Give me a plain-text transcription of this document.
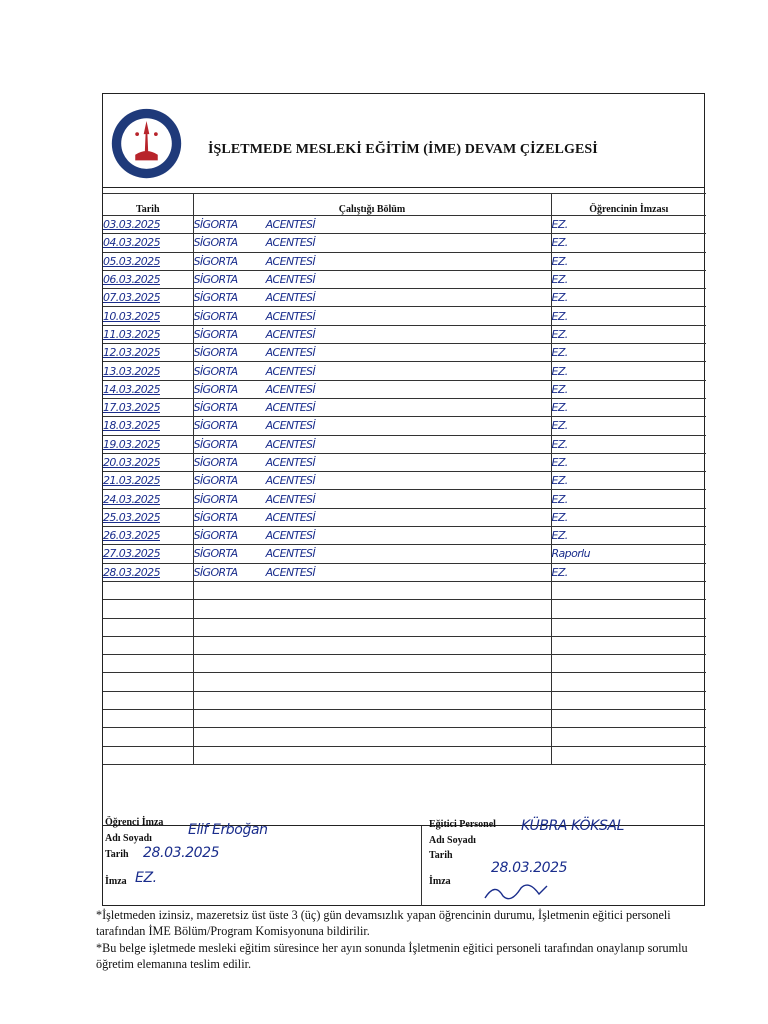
İŞLETMEDE MESLEKİ EĞİTİM (İME) DEVAM ÇİZELGESİ
Tarih	Çalıştığı Bölüm	Öğrencinin İmzası
03.03.2025	SİGORTA ACENTESİ	EZ.
04.03.2025	SİGORTA ACENTESİ	EZ.
05.03.2025	SİGORTA ACENTESİ	EZ.
06.03.2025	SİGORTA ACENTESİ	EZ.
07.03.2025	SİGORTA ACENTESİ	EZ.
10.03.2025	SİGORTA ACENTESİ	EZ.
11.03.2025	SİGORTA ACENTESİ	EZ.
12.03.2025	SİGORTA ACENTESİ	EZ.
13.03.2025	SİGORTA ACENTESİ	EZ.
14.03.2025	SİGORTA ACENTESİ	EZ.
17.03.2025	SİGORTA ACENTESİ	EZ.
18.03.2025	SİGORTA ACENTESİ	EZ.
19.03.2025	SİGORTA ACENTESİ	EZ.
20.03.2025	SİGORTA ACENTESİ	EZ.
21.03.2025	SİGORTA ACENTESİ	EZ.
24.03.2025	SİGORTA ACENTESİ	EZ.
25.03.2025	SİGORTA ACENTESİ	EZ.
26.03.2025	SİGORTA ACENTESİ	EZ.
27.03.2025	SİGORTA ACENTESİ	Raporlu
28.03.2025	SİGORTA ACENTESİ	EZ.

Öğrenci İmza
Adı Soyadı
Elif Erboğan
Tarih 28.03.2025
İmza EZ.
Eğitici Personel
Adı Soyadı
KÜBRA KÖKSAL
Tarih
28.03.2025
İmza

*İşletmeden izinsiz, mazeretsiz üst üste 3 (üç) gün devamsızlık yapan öğrencinin durumu, İşletmenin eğitici personeli tarafından İME Bölüm/Program Komisyonuna bildirilir.

*Bu belge işletmede mesleki eğitim süresince her ayın sonunda İşletmenin eğitici personeli tarafından onaylanıp sorumlu öğretim elemanına teslim edilir.
